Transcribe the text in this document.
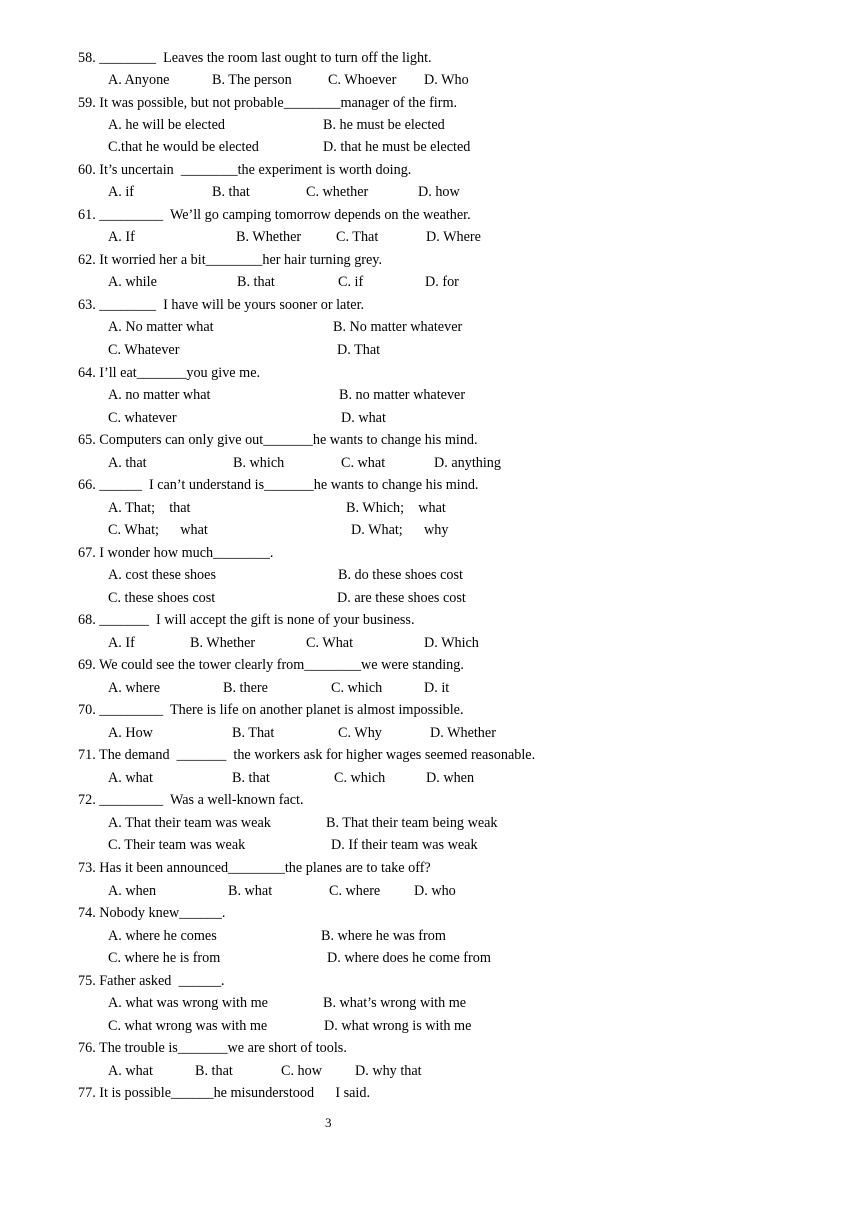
58. ________  Leaves the room last ought to turn off the light.
A. Anyone	B. The person	C. Whoever D. Who
59. It was possible, but not probable________manager of the firm.
A. he will be elected	B. he must be elected
C.that he would be elected	D. that he must be elected
60. It’s uncertain  ________the experiment is worth doing.
A. if	B. that	C. whether	D. how
61. _________  We’ll go camping tomorrow depends on the weather.
A. If	B. Whether C. That	D. Where
62. It worried her a bit________her hair turning grey.
A. while	B. that	C. if	D. for
63. ________  I have will be yours sooner or later.
A. No matter what	B. No matter whatever
C. Whatever	D. That
64. I’ll eat_______you give me.
A. no matter what	B. no matter whatever
C. whatever	D. what
65. Computers can only give out_______he wants to change his mind.
A. that	B. which	C. what	D. anything
66. ______  I can’t understand is_______he wants to change his mind.
A. That;    that	B. Which;    what
C. What;      what	D. What;      why
67. I wonder how much________.
A. cost these shoes	B. do these shoes cost
C. these shoes cost	D. are these shoes cost
68. _______  I will accept the gift is none of your business.
A. If	B. Whether	C. What	D. Which
69. We could see the tower clearly from________we were standing.
A. where	B. there	C. which	D. it
70. _________  There is life on another planet is almost impossible.
A. How	B. That	C. Why	D. Whether
71. The demand  _______  the workers ask for higher wages seemed reasonable.
A. what	B. that	C. which	D. when
72. _________  Was a well-known fact.
A. That their team was weak	B. That their team being weak
C. Their team was weak	D. If their team was weak
73. Has it been announced________the planes are to take off?
A. when	B. what	C. where D. who
74. Nobody knew______.
A. where he comes	B. where he was from
C. where he is from	D. where does he come from
75. Father asked  ______.
A. what was wrong with me	B. what’s wrong with me
C. what wrong was with me	D. what wrong is with me
76. The trouble is_______we are short of tools.
A. what	B. that	C. how D. why that
77. It is possible______he misunderstood      I said.
3
